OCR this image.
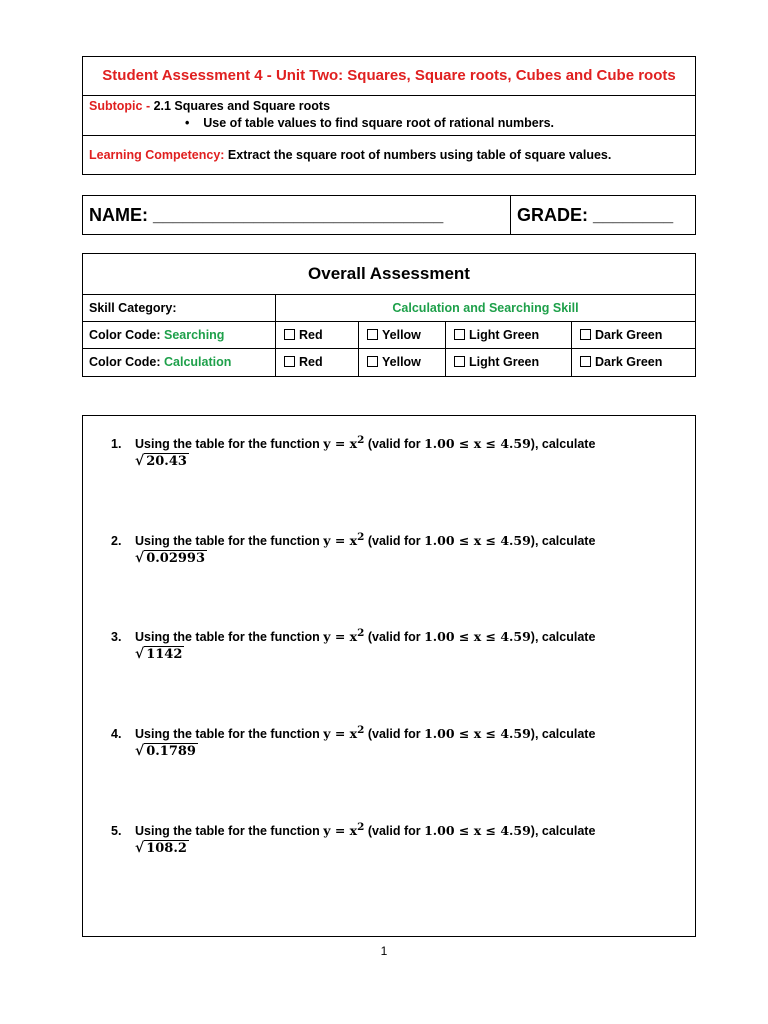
Student Assessment 4 - Unit Two: Squares, Square roots, Cubes and Cube roots
Subtopic - 2.1 Squares and Square roots
•    Use of table values to find square root of rational numbers.
Learning Competency: Extract the square root of numbers using table of square values.
NAME: _____________________________	GRADE: ________
Overall Assessment
Skill Category:	Calculation and Searching Skill
Color Code: Searching	Red	Yellow	Light Green	Dark Green
Color Code: Calculation	Red	Yellow	Light Green	Dark Green
1. Using the table for the function $y = x^2$ (valid for 1.00 ≤ x ≤ 4.59), calculate
√ 20.43
2. Using the table for the function $y = x^2$ (valid for 1.00 ≤ x ≤ 4.59), calculate
√ 0.02993
3. Using the table for the function $y = x^2$ (valid for 1.00 ≤ x ≤ 4.59), calculate
√ 1142
4. Using the table for the function $y = x^2$ (valid for 1.00 ≤ x ≤ 4.59), calculate
√ 0.1789
5. Using the table for the function $y = x^2$ (valid for 1.00 ≤ x ≤ 4.59), calculate
√ 108.2
1
